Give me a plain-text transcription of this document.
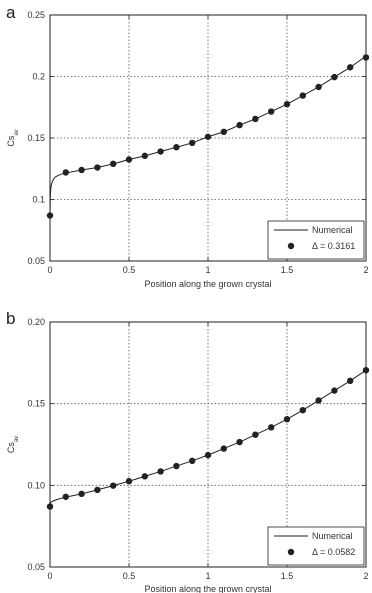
a
0	0.5	1	1.5	2
0.05
0.1
0.15
0.2
0.25
Position along the grown crystal
$Cs_{av}$
Numerical
Δ = 0.3161
b
0	0.5	1	1.5	2
0.05
0.10
0.15
0.20
Position along the grown crystal
$Cs_{av}$
Numerical
Δ = 0.0582
